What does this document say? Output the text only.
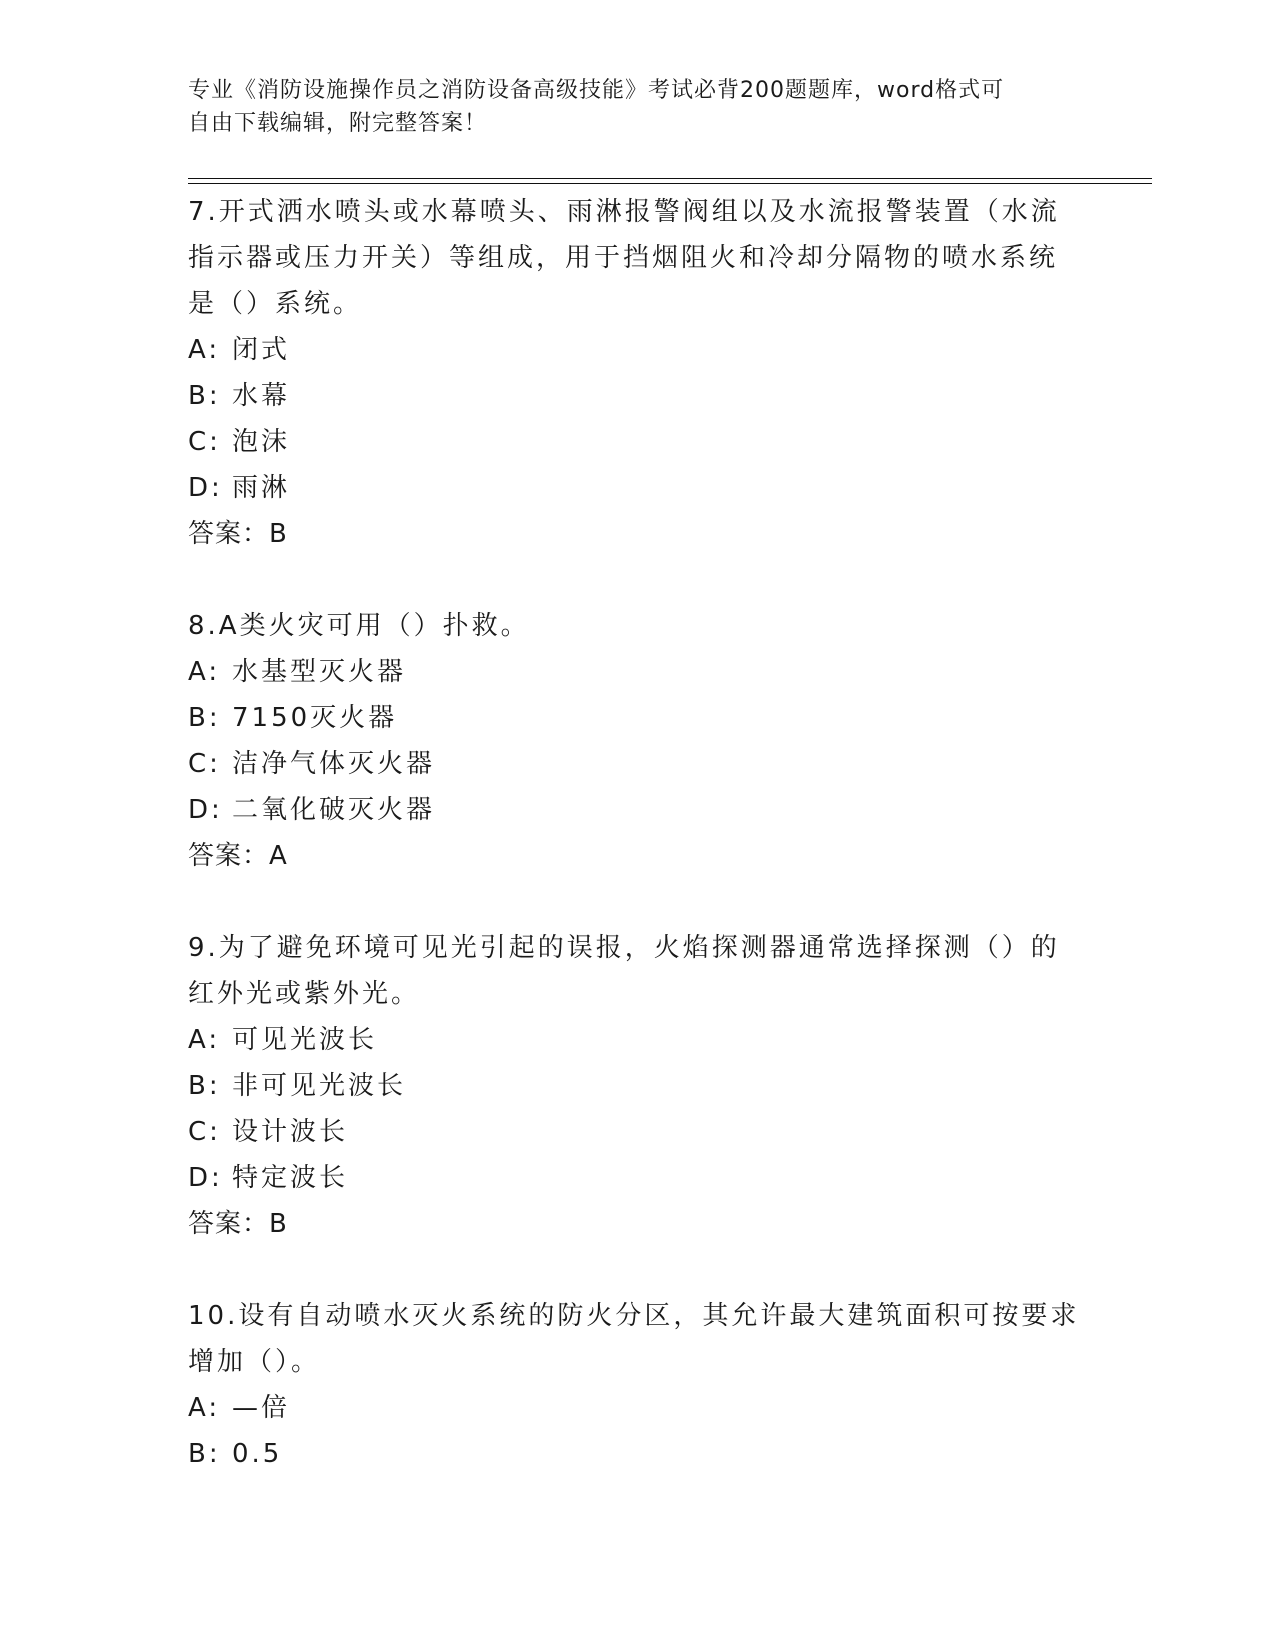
专业《消防设施操作员之消防设备高级技能》考试必背200题题库，word格式可
自由下载编辑，附完整答案！
7.开式洒水喷头或水幕喷头、雨淋报警阀组以及水流报警装置（水流
指示器或压力开关）等组成，用于挡烟阻火和冷却分隔物的喷水系统
是（）系统。
A: 闭式
B: 水幕
C: 泡沫
D: 雨淋
答案：B
8.A类火灾可用（）扑救。
A: 水基型灭火器
B: 7150灭火器
C: 洁净气体灭火器
D: 二氧化破灭火器
答案：A
9.为了避免环境可见光引起的误报，火焰探测器通常选择探测（）的
红外光或紫外光。
A: 可见光波长
B: 非可见光波长
C: 设计波长
D: 特定波长
答案：B
10.设有自动喷水灭火系统的防火分区，其允许最大建筑面积可按要求
增加（）。
A: —倍
B: 0.5
